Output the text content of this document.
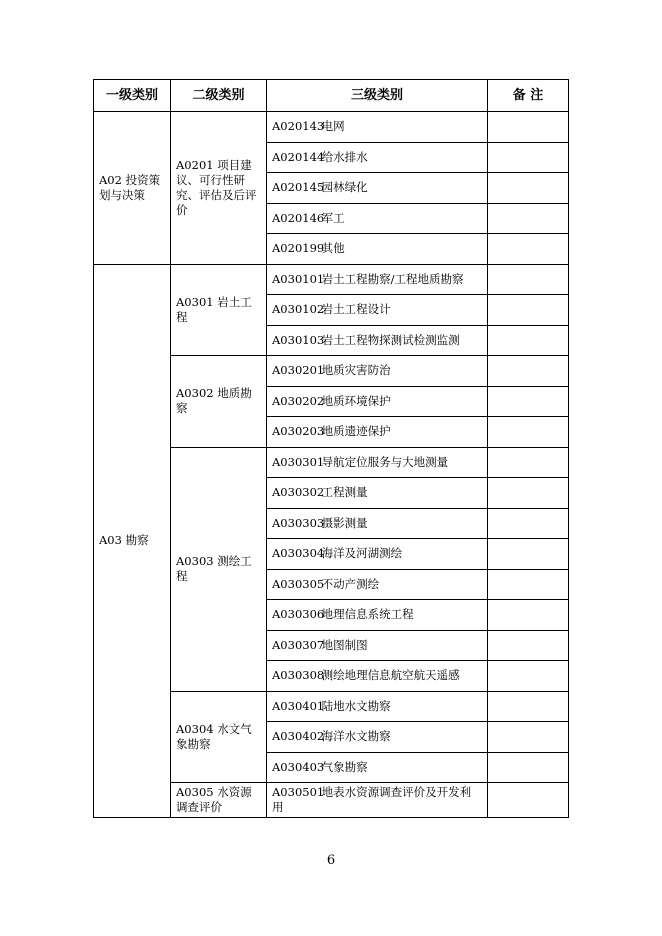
一级类别	二级类别	三级类别	备 注
A02 投资策划与决策	A0201 项目建议、可行性研究、评估及后评价	A020143 电网	
		A020144 给水排水	
		A020145 园林绿化	
		A020146 军工	
		A020199 其他	
A03 勘察	A0301 岩土工程	A030101 岩土工程勘察/工程地质勘察	
		A030102 岩土工程设计	
		A030103 岩土工程物探测试检测监测	
	A0302 地质勘察	A030201 地质灾害防治	
		A030202 地质环境保护	
		A030203 地质遗迹保护	
	A0303 测绘工程	A030301 导航定位服务与大地测量	
		A030302 工程测量	
		A030303 摄影测量	
		A030304 海洋及河湖测绘	
		A030305 不动产测绘	
		A030306 地理信息系统工程	
		A030307 地图制图	
		A030308 测绘地理信息航空航天遥感	
	A0304 水文气象勘察	A030401 陆地水文勘察	
		A030402 海洋水文勘察	
		A030403 气象勘察	
	A0305 水资源调查评价	A030501 地表水资源调查评价及开发利用	
6
